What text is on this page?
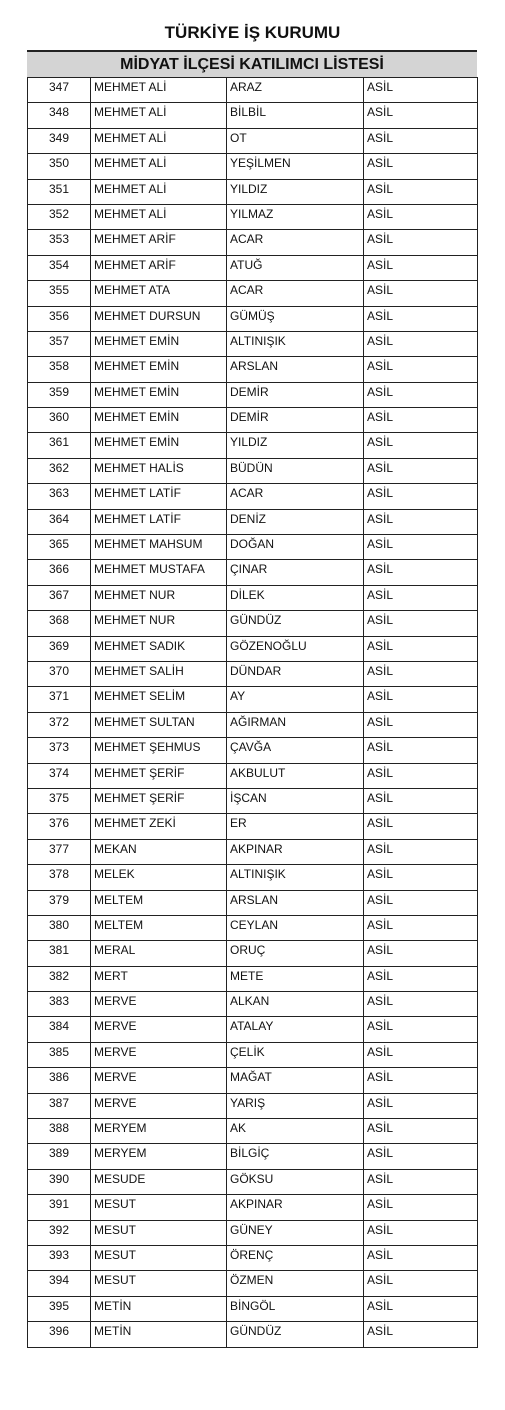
TÜRKİYE İŞ KURUMU
MİDYAT İLÇESİ KATILIMCI LİSTESİ
347	MEHMET ALİ	ARAZ	ASİL
348	MEHMET ALİ	BİLBİL	ASİL
349	MEHMET ALİ	OT	ASİL
350	MEHMET ALİ	YEŞİLMEN	ASİL
351	MEHMET ALİ	YILDIZ	ASİL
352	MEHMET ALİ	YILMAZ	ASİL
353	MEHMET ARİF	ACAR	ASİL
354	MEHMET ARİF	ATUĞ	ASİL
355	MEHMET ATA	ACAR	ASİL
356	MEHMET DURSUN	GÜMÜŞ	ASİL
357	MEHMET EMİN	ALTINIŞIK	ASİL
358	MEHMET EMİN	ARSLAN	ASİL
359	MEHMET EMİN	DEMİR	ASİL
360	MEHMET EMİN	DEMİR	ASİL
361	MEHMET EMİN	YILDIZ	ASİL
362	MEHMET HALİS	BÜDÜN	ASİL
363	MEHMET LATİF	ACAR	ASİL
364	MEHMET LATİF	DENİZ	ASİL
365	MEHMET MAHSUM	DOĞAN	ASİL
366	MEHMET MUSTAFA	ÇINAR	ASİL
367	MEHMET NUR	DİLEK	ASİL
368	MEHMET NUR	GÜNDÜZ	ASİL
369	MEHMET SADIK	GÖZENOĞLU	ASİL
370	MEHMET SALİH	DÜNDAR	ASİL
371	MEHMET SELİM	AY	ASİL
372	MEHMET SULTAN	AĞIRMAN	ASİL
373	MEHMET ŞEHMUS	ÇAVĞA	ASİL
374	MEHMET ŞERİF	AKBULUT	ASİL
375	MEHMET ŞERİF	İŞCAN	ASİL
376	MEHMET ZEKİ	ER	ASİL
377	MEKAN	AKPINAR	ASİL
378	MELEK	ALTINIŞIK	ASİL
379	MELTEM	ARSLAN	ASİL
380	MELTEM	CEYLAN	ASİL
381	MERAL	ORUÇ	ASİL
382	MERT	METE	ASİL
383	MERVE	ALKAN	ASİL
384	MERVE	ATALAY	ASİL
385	MERVE	ÇELİK	ASİL
386	MERVE	MAĞAT	ASİL
387	MERVE	YARIŞ	ASİL
388	MERYEM	AK	ASİL
389	MERYEM	BİLGİÇ	ASİL
390	MESUDE	GÖKSU	ASİL
391	MESUT	AKPINAR	ASİL
392	MESUT	GÜNEY	ASİL
393	MESUT	ÖRENÇ	ASİL
394	MESUT	ÖZMEN	ASİL
395	METİN	BİNGÖL	ASİL
396	METİN	GÜNDÜZ	ASİL
